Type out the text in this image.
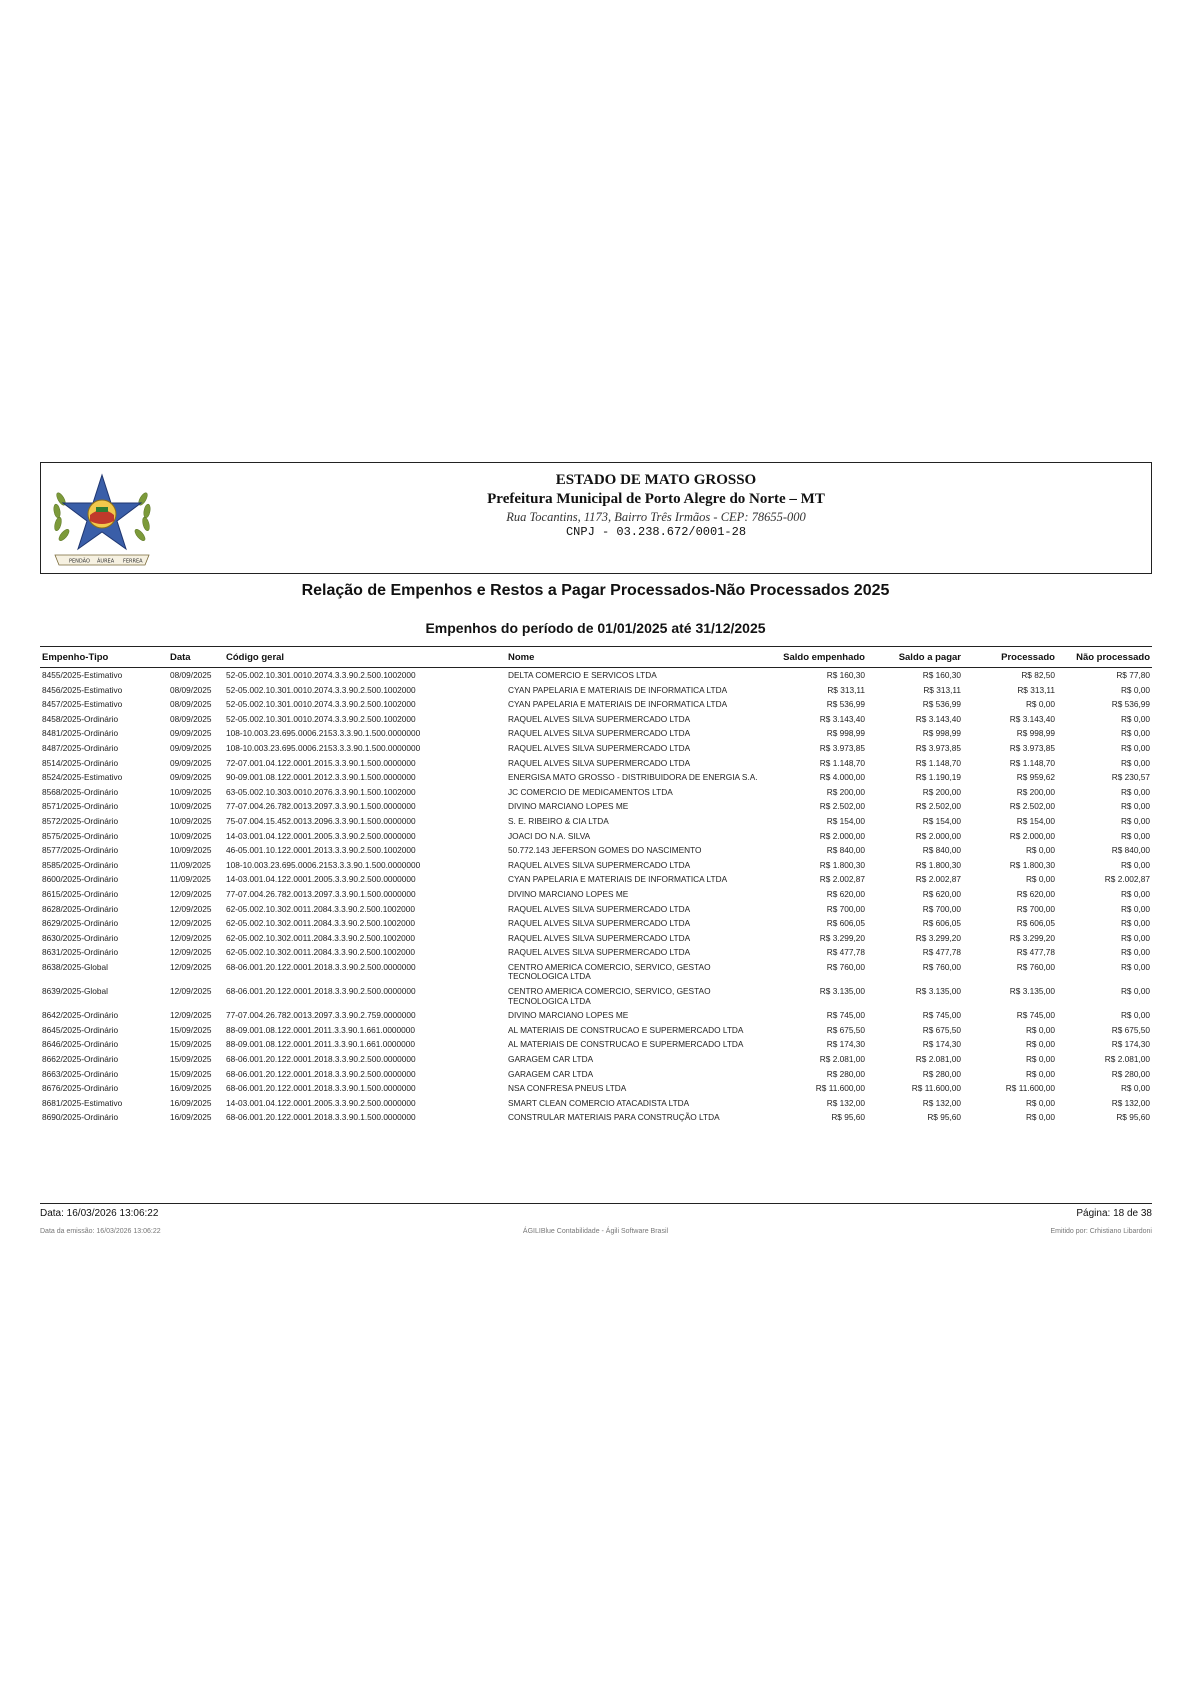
PENDÃO ÁUREA FERREA
ESTADO DE MATO GROSSO
Prefeitura Municipal de Porto Alegre do Norte – MT
Rua Tocantins, 1173, Bairro Três Irmãos - CEP: 78655-000
CNPJ - 03.238.672/0001-28
Relação de Empenhos e Restos a Pagar Processados-Não Processados 2025
Empenhos do período de 01/01/2025 até 31/12/2025
Empenho-Tipo	Data	Código geral	Nome	Saldo empenhado	Saldo a pagar	Processado	Não processado
8455/2025-Estimativo	08/09/2025	52-05.002.10.301.0010.2074.3.3.90.2.500.1002000	DELTA COMERCIO E SERVICOS LTDA	R$ 160,30	R$ 160,30	R$ 82,50	R$ 77,80
8456/2025-Estimativo	08/09/2025	52-05.002.10.301.0010.2074.3.3.90.2.500.1002000	CYAN PAPELARIA E MATERIAIS DE INFORMATICA LTDA	R$ 313,11	R$ 313,11	R$ 313,11	R$ 0,00
8457/2025-Estimativo	08/09/2025	52-05.002.10.301.0010.2074.3.3.90.2.500.1002000	CYAN PAPELARIA E MATERIAIS DE INFORMATICA LTDA	R$ 536,99	R$ 536,99	R$ 0,00	R$ 536,99
8458/2025-Ordinário	08/09/2025	52-05.002.10.301.0010.2074.3.3.90.2.500.1002000	RAQUEL ALVES SILVA SUPERMERCADO LTDA	R$ 3.143,40	R$ 3.143,40	R$ 3.143,40	R$ 0,00
8481/2025-Ordinário	09/09/2025	108-10.003.23.695.0006.2153.3.3.90.1.500.0000000	RAQUEL ALVES SILVA SUPERMERCADO LTDA	R$ 998,99	R$ 998,99	R$ 998,99	R$ 0,00
8487/2025-Ordinário	09/09/2025	108-10.003.23.695.0006.2153.3.3.90.1.500.0000000	RAQUEL ALVES SILVA SUPERMERCADO LTDA	R$ 3.973,85	R$ 3.973,85	R$ 3.973,85	R$ 0,00
8514/2025-Ordinário	09/09/2025	72-07.001.04.122.0001.2015.3.3.90.1.500.0000000	RAQUEL ALVES SILVA SUPERMERCADO LTDA	R$ 1.148,70	R$ 1.148,70	R$ 1.148,70	R$ 0,00
8524/2025-Estimativo	09/09/2025	90-09.001.08.122.0001.2012.3.3.90.1.500.0000000	ENERGISA MATO GROSSO - DISTRIBUIDORA DE ENERGIA S.A.	R$ 4.000,00	R$ 1.190,19	R$ 959,62	R$ 230,57
8568/2025-Ordinário	10/09/2025	63-05.002.10.303.0010.2076.3.3.90.1.500.1002000	JC COMERCIO DE MEDICAMENTOS LTDA	R$ 200,00	R$ 200,00	R$ 200,00	R$ 0,00
8571/2025-Ordinário	10/09/2025	77-07.004.26.782.0013.2097.3.3.90.1.500.0000000	DIVINO MARCIANO LOPES ME	R$ 2.502,00	R$ 2.502,00	R$ 2.502,00	R$ 0,00
8572/2025-Ordinário	10/09/2025	75-07.004.15.452.0013.2096.3.3.90.1.500.0000000	S. E. RIBEIRO & CIA LTDA	R$ 154,00	R$ 154,00	R$ 154,00	R$ 0,00
8575/2025-Ordinário	10/09/2025	14-03.001.04.122.0001.2005.3.3.90.2.500.0000000	JOACI DO N.A. SILVA	R$ 2.000,00	R$ 2.000,00	R$ 2.000,00	R$ 0,00
8577/2025-Ordinário	10/09/2025	46-05.001.10.122.0001.2013.3.3.90.2.500.1002000	50.772.143 JEFERSON GOMES DO NASCIMENTO	R$ 840,00	R$ 840,00	R$ 0,00	R$ 840,00
8585/2025-Ordinário	11/09/2025	108-10.003.23.695.0006.2153.3.3.90.1.500.0000000	RAQUEL ALVES SILVA SUPERMERCADO LTDA	R$ 1.800,30	R$ 1.800,30	R$ 1.800,30	R$ 0,00
8600/2025-Ordinário	11/09/2025	14-03.001.04.122.0001.2005.3.3.90.2.500.0000000	CYAN PAPELARIA E MATERIAIS DE INFORMATICA LTDA	R$ 2.002,87	R$ 2.002,87	R$ 0,00	R$ 2.002,87
8615/2025-Ordinário	12/09/2025	77-07.004.26.782.0013.2097.3.3.90.1.500.0000000	DIVINO MARCIANO LOPES ME	R$ 620,00	R$ 620,00	R$ 620,00	R$ 0,00
8628/2025-Ordinário	12/09/2025	62-05.002.10.302.0011.2084.3.3.90.2.500.1002000	RAQUEL ALVES SILVA SUPERMERCADO LTDA	R$ 700,00	R$ 700,00	R$ 700,00	R$ 0,00
8629/2025-Ordinário	12/09/2025	62-05.002.10.302.0011.2084.3.3.90.2.500.1002000	RAQUEL ALVES SILVA SUPERMERCADO LTDA	R$ 606,05	R$ 606,05	R$ 606,05	R$ 0,00
8630/2025-Ordinário	12/09/2025	62-05.002.10.302.0011.2084.3.3.90.2.500.1002000	RAQUEL ALVES SILVA SUPERMERCADO LTDA	R$ 3.299,20	R$ 3.299,20	R$ 3.299,20	R$ 0,00
8631/2025-Ordinário	12/09/2025	62-05.002.10.302.0011.2084.3.3.90.2.500.1002000	RAQUEL ALVES SILVA SUPERMERCADO LTDA	R$ 477,78	R$ 477,78	R$ 477,78	R$ 0,00
8638/2025-Global	12/09/2025	68-06.001.20.122.0001.2018.3.3.90.2.500.0000000	CENTRO AMERICA COMERCIO, SERVICO, GESTAO TECNOLOGICA LTDA	R$ 760,00	R$ 760,00	R$ 760,00	R$ 0,00
8639/2025-Global	12/09/2025	68-06.001.20.122.0001.2018.3.3.90.2.500.0000000	CENTRO AMERICA COMERCIO, SERVICO, GESTAO TECNOLOGICA LTDA	R$ 3.135,00	R$ 3.135,00	R$ 3.135,00	R$ 0,00
8642/2025-Ordinário	12/09/2025	77-07.004.26.782.0013.2097.3.3.90.2.759.0000000	DIVINO MARCIANO LOPES ME	R$ 745,00	R$ 745,00	R$ 745,00	R$ 0,00
8645/2025-Ordinário	15/09/2025	88-09.001.08.122.0001.2011.3.3.90.1.661.0000000	AL MATERIAIS DE CONSTRUCAO E SUPERMERCADO LTDA	R$ 675,50	R$ 675,50	R$ 0,00	R$ 675,50
8646/2025-Ordinário	15/09/2025	88-09.001.08.122.0001.2011.3.3.90.1.661.0000000	AL MATERIAIS DE CONSTRUCAO E SUPERMERCADO LTDA	R$ 174,30	R$ 174,30	R$ 0,00	R$ 174,30
8662/2025-Ordinário	15/09/2025	68-06.001.20.122.0001.2018.3.3.90.2.500.0000000	GARAGEM CAR LTDA	R$ 2.081,00	R$ 2.081,00	R$ 0,00	R$ 2.081,00
8663/2025-Ordinário	15/09/2025	68-06.001.20.122.0001.2018.3.3.90.2.500.0000000	GARAGEM CAR LTDA	R$ 280,00	R$ 280,00	R$ 0,00	R$ 280,00
8676/2025-Ordinário	16/09/2025	68-06.001.20.122.0001.2018.3.3.90.1.500.0000000	NSA CONFRESA PNEUS LTDA	R$ 11.600,00	R$ 11.600,00	R$ 11.600,00	R$ 0,00
8681/2025-Estimativo	16/09/2025	14-03.001.04.122.0001.2005.3.3.90.2.500.0000000	SMART CLEAN COMERCIO ATACADISTA LTDA	R$ 132,00	R$ 132,00	R$ 0,00	R$ 132,00
8690/2025-Ordinário	16/09/2025	68-06.001.20.122.0001.2018.3.3.90.1.500.0000000	CONSTRULAR MATERIAIS PARA CONSTRUÇÃO LTDA	R$ 95,60	R$ 95,60	R$ 0,00	R$ 95,60
Data: 16/03/2026 13:06:22	Página: 18 de 38
Data da emissão: 16/03/2026 13:06:22	ÁGILIBlue Contabilidade - Ágili Software Brasil	Emitido por: Crhistiano Libardoni
